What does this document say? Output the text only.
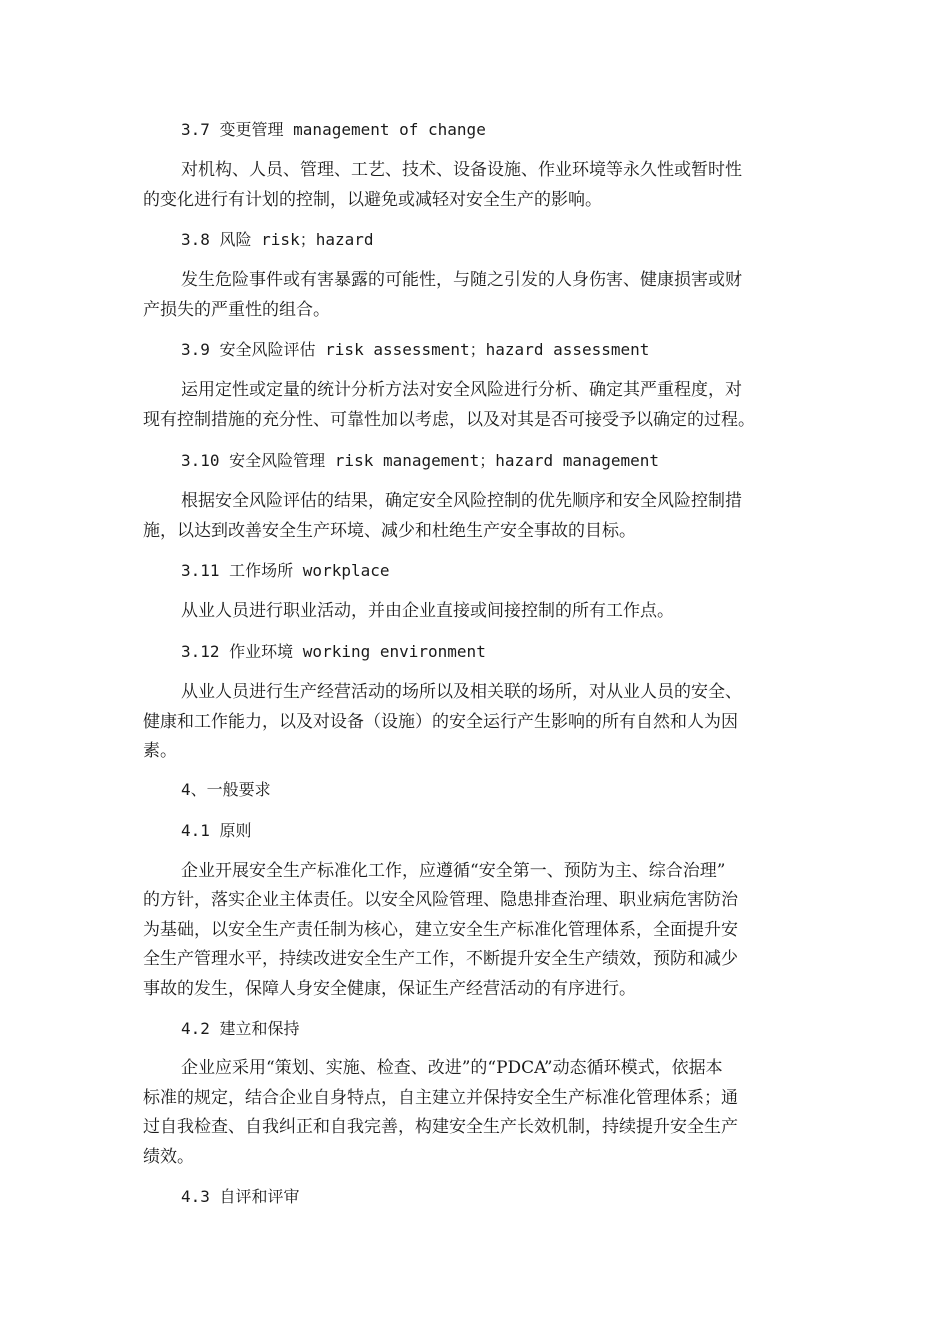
3.7 变更管理 management of change
对机构、人员、管理、工艺、技术、设备设施、作业环境等永久性或暂时性
的变化进行有计划的控制，以避免或减轻对安全生产的影响。
3.8 风险 risk；hazard
发生危险事件或有害暴露的可能性，与随之引发的人身伤害、健康损害或财
产损失的严重性的组合。
3.9 安全风险评估 risk assessment；hazard assessment
运用定性或定量的统计分析方法对安全风险进行分析、确定其严重程度，对
现有控制措施的充分性、可靠性加以考虑，以及对其是否可接受予以确定的过程。
3.10 安全风险管理 risk management；hazard management
根据安全风险评估的结果，确定安全风险控制的优先顺序和安全风险控制措
施，以达到改善安全生产环境、减少和杜绝生产安全事故的目标。
3.11 工作场所 workplace
从业人员进行职业活动，并由企业直接或间接控制的所有工作点。
3.12 作业环境 working environment
从业人员进行生产经营活动的场所以及相关联的场所，对从业人员的安全、
健康和工作能力，以及对设备（设施）的安全运行产生影响的所有自然和人为因
素。
4、一般要求
4.1 原则
企业开展安全生产标准化工作，应遵循“安全第一、预防为主、综合治理”
的方针，落实企业主体责任。以安全风险管理、隐患排查治理、职业病危害防治
为基础，以安全生产责任制为核心，建立安全生产标准化管理体系，全面提升安
全生产管理水平，持续改进安全生产工作，不断提升安全生产绩效，预防和减少
事故的发生，保障人身安全健康，保证生产经营活动的有序进行。
4.2 建立和保持
企业应采用“策划、实施、检查、改进”的“PDCA”动态循环模式，依据本
标准的规定，结合企业自身特点，自主建立并保持安全生产标准化管理体系；通
过自我检查、自我纠正和自我完善，构建安全生产长效机制，持续提升安全生产
绩效。
4.3 自评和评审
